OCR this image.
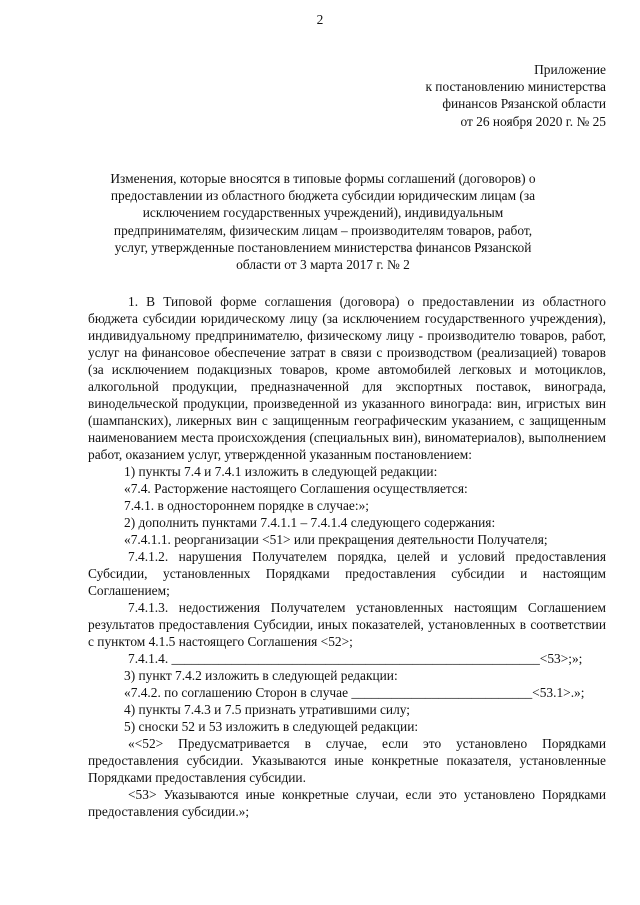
2
Приложение
к постановлению министерства
финансов Рязанской области
от 26 ноября 2020 г. № 25
Изменения, которые вносятся в типовые формы соглашений (договоров) о предоставлении из областного бюджета субсидии юридическим лицам (за исключением государственных учреждений), индивидуальным предпринимателям, физическим лицам – производителям товаров, работ, услуг, утвержденные постановлением министерства финансов Рязанской области от 3 марта 2017 г. № 2

1. В Типовой форме соглашения (договора) о предоставлении из областного бюджета субсидии юридическому лицу (за исключением государственного учреждения), индивидуальному предпринимателю, физическому лицу - производителю товаров, работ, услуг на финансовое обеспечение затрат в связи с производством (реализацией) товаров (за исключением подакцизных товаров, кроме автомобилей легковых и мотоциклов, алкогольной продукции, предназначенной для экспортных поставок, винограда, винодельческой продукции, произведенной из указанного винограда: вин, игристых вин (шампанских), ликерных вин с защищенным географическим указанием, с защищенным наименованием места происхождения (специальных вин), виноматериалов), выполнением работ, оказанием услуг, утвержденной указанным постановлением:

1) пункты 7.4 и 7.4.1 изложить в следующей редакции:

«7.4. Расторжение настоящего Соглашения осуществляется:

7.4.1. в одностороннем порядке в случае:»;

2) дополнить пунктами 7.4.1.1 – 7.4.1.4 следующего содержания:

«7.4.1.1. реорганизации <51> или прекращения деятельности Получателя;

7.4.1.2. нарушения Получателем порядка, целей и условий предоставления Субсидии, установленных Порядками предоставления субсидии и настоящим Соглашением;

7.4.1.3. недостижения Получателем установленных настоящим Соглашением результатов предоставления Субсидии, иных показателей, установленных в соответствии с пунктом 4.1.5 настоящего Соглашения <52>;

7.4.1.4. _______________________________________________________<53>;»;

3) пункт 7.4.2 изложить в следующей редакции:

«7.4.2. по соглашению Сторон в случае ___________________________<53.1>.»;

4) пункты 7.4.3 и 7.5 признать утратившими силу;

5) сноски 52 и 53 изложить в следующей редакции:

«<52> Предусматривается в случае, если это установлено Порядками предоставления субсидии. Указываются иные конкретные показателя, установленные Порядками предоставления субсидии.

<53> Указываются иные конкретные случаи, если это установлено Порядками предоставления субсидии.»;
